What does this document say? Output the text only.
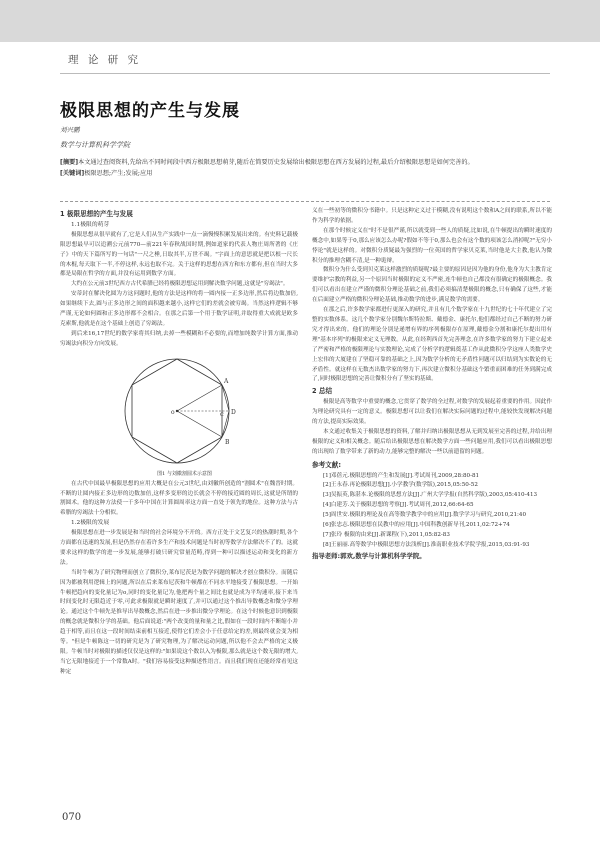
理 论 研 究
极限思想的产生与发展
刘兴鹏
数学与计算机科学学院
[摘要]本文通过查阅资料,先给出不同时间段中西方极限思想萌芽,随后在简要历史发展给出极限思想在西方发展的过程,最后介绍极限思想是如何完善的。
[关键词]极限思想;产生;发展;应用
1 极限思想的产生与发展

1.1极限的萌芽

极限思想从很早就有了,它是人们从生产实践中一点一滴慢慢积累发展出来的。有史料记载极限思想最早可以追溯公元前770—前221年春秋战国时期,例如道家的代表人物庄周所著的《庄子》中的天下篇所写的一句话"一尺之棰,日取其半,万世不竭。"字面上的意思就是把以根一尺长的木棍,每天取下一半,不停这样,永远也取不完。关于这样的思想在西方和东方都有,但在当时大多都是局限在哲学的方面,并没有运用到数学方面。

大约在公元前3世纪西方古代希腊已经将极限思想运用到解决数学问题,这就是"穷竭法"。

安蒂封在解决化圆为方这问题时,他的方法是这样的将一圆内接一正多边形,然后将边数加倍,如果继续下去,圆与正多边形之间的面积越来越小,这样它们的差就会被穷竭。当然这样逻辑不够严谨,无论如何圆和正多边形都不会相合。在那之后第一个用于数学证明,并取得重大成就是欧多克索斯,他就是在这个基础上创造了穷竭法。

到后来16,17世纪的数学家将其归纳,去掉一些模糊和不必要的,而增加纯数学计算方面,推动穷竭法向积分方向发展。

o
A
D
B
C

图1 与刘徽割圆术示意图

在古代中国最早极限思想的应用大概是在公元3世纪,由刘徽所创造的"割圆术"在魏晋时期。不断的让圆内接正多边形的边数加倍,这样多变形的边长就会不停的接近圆的周长,这就是所谓的割圆术。他的这种方法使一千多年中国在计算圆周率这方面一直处于领先的地位。这种方法与古希腊的穷竭法十分相似。

1.2极限的发展

极限思想在进一步发展是和当时的社会环境分不开的。西方正处于文艺复兴的热潮时期,各个方面都在迅速的发展,但是仍然存在着许多生产和技术问题是当时初等数学方法解决不了的。这就要求这样的数学的进一步发展,能够打破只研究常量范畴,得到一种可以描述运动和变化的新方法。

当时牛顿为了研究物理而创立了微积分,莱布尼茨是为数学问题的解决才创立微积分。而随后因为都被利用逻辑上的问题,所以在后来莱布尼茨和牛顿都在不同水平地接受了极限思想。一开始牛顿把趋向的变化量记为o,同时的变化量记为,他把两个量之间比也就是成为平均速率,接下来当时间变化时无限趋近于零,可此求极限就是瞬时速度了,并可以通过这个推出导数概念和微分学理论。通过这个牛顿先是推导出导数概念,然后在进一步推出微分学理论。在这个时候他意识到极限的概念就是微积分学的基础。他后面说道:"两个改变的量和量之比,假如在一段时间内不断缩小并趋于相等,而且在这一段时间结束前相互接近,使得它们差会小于任意给定的差,则最终就会变为相等。"但是牛顿陈这一切的研究是为了研究物理,为了解决运动问题,所以他不会去严格的定义极限。牛顿当时对极限的描述仅仅是这样的:"如果说这个数以入为极限,那么就是这个数无限的增大,当它无限地接近于一个常数A时。"我们容易接受这种描述性语言。而且我们现在还能经常看见这种定

义在一些初等的微积分书籍中。只是这种定义过于模糊,没有说明这个数和A之间的联系,所以不能作为科学的依据。

在那个时候定义在"时不是很严谨,所以就受到一些人的质疑,比如说,在牛顿提出的瞬时速度的概念中,如果等于0,那么应该怎么办呢?假如不等于0,那么也会有这个数的项该怎么消掉呢?"无穷小悖论"就是这样的。对微积分质疑最为强烈的一位英国的哲学家贝克莱,当时他是大主教,他认为微积分的推理含糊不清,是一种诡辩。

微积分为什么受到贝克莱这样激烈的质疑呢?最主要的原因是因为他的身份,他身为大主教肯定要维护宗教的利益,另一个原因当时极限的定义不严密,连牛顿也自己都没有很确定的极限概念。我们可以看出在建立严谨的微积分理论基础之前,我们必须搞清楚极限的概念,只有确保了这些,才能在后面建立严格的微积分理论基础,推动数学的进步,满足数学的需要。

在那之后,许多数学家都进行更深入的研究,并且有几个数学家在十九世纪的七十年代建立了完整的实数体系。这几个数学家分别魏尔斯特拉斯、戴德金、康托尔,他们都经过自己不断的努力研究才得出来的。他们的理论分别是递增有界的序列极限存在原理,戴德金分割和康托尔提出用有理"基本序列"的极限来定义无理数。从此,在经利西首先完善理念,在许多数学家的努力下建立起来了严密和严格的极限理论与实数理论,完成了分析学的逻辑奠基工作从此微积分学这座人类数学史上宏伟的大厦建在了坚稳可靠的基础之上,因为数学分析的无矛盾性问题可以归结到为实数论的无矛盾性。就这样在无数杰出数学家的努力下,再次建立微积分基础这个繁重而困难的任务到满完成了,同时极限思想的完善让微积分有了坚实的基础。

2 总结

极限是高等数学中重要的概念,它贯穿了数学的全过程,对数学的发展起着重要的作用。因此作为理论研究具有一定的意义。极限思想可以让我们在解决实际问题的过程中,能较快发现解决问题的方法,提高实际效果。

本文通过收集关于极限思想的资料,了解并归纳出极限思想从无到发展至完善的过程,并给出理极限的定义和相关概念。随后给出极限思想在解决数学方面一些问题应用,我们可以看出极限思想的出现给了数学带来了新的动力,能够完整的解决一些以前遗留的问题。

参考文献:

[1]邓蓓元.极限思想的产生和发展[J].考试周刊,2009,28:80-81

[2]王永春.再论极限思想[J].小学教学(数学版),2015,05:50-52

[3]吴振英,陈湛本.论极限的思想方法[J].广州大学学报(自然科学版),2003,05:410-413

[4]白建芳.关于极限思想的考察[J].考试周刊,2012,66:64-65

[5]周世安.极限的理论及在高等数学教学中的应用[J].数学学习与研究,2010,21:40

[6]张忠志.极限思想在民教中的应用[J].中国科教创新导刊,2011,02:72+74

[7]张玲 极限的由来[J].新课程(下),2011,05:82-83

[8]王丽丽.高等数学中极限思想方法浅析[J].淮南职业技术学院学报,2015,03:91-93

指导老师:郭欢,数学与计算机科学学院。
070
